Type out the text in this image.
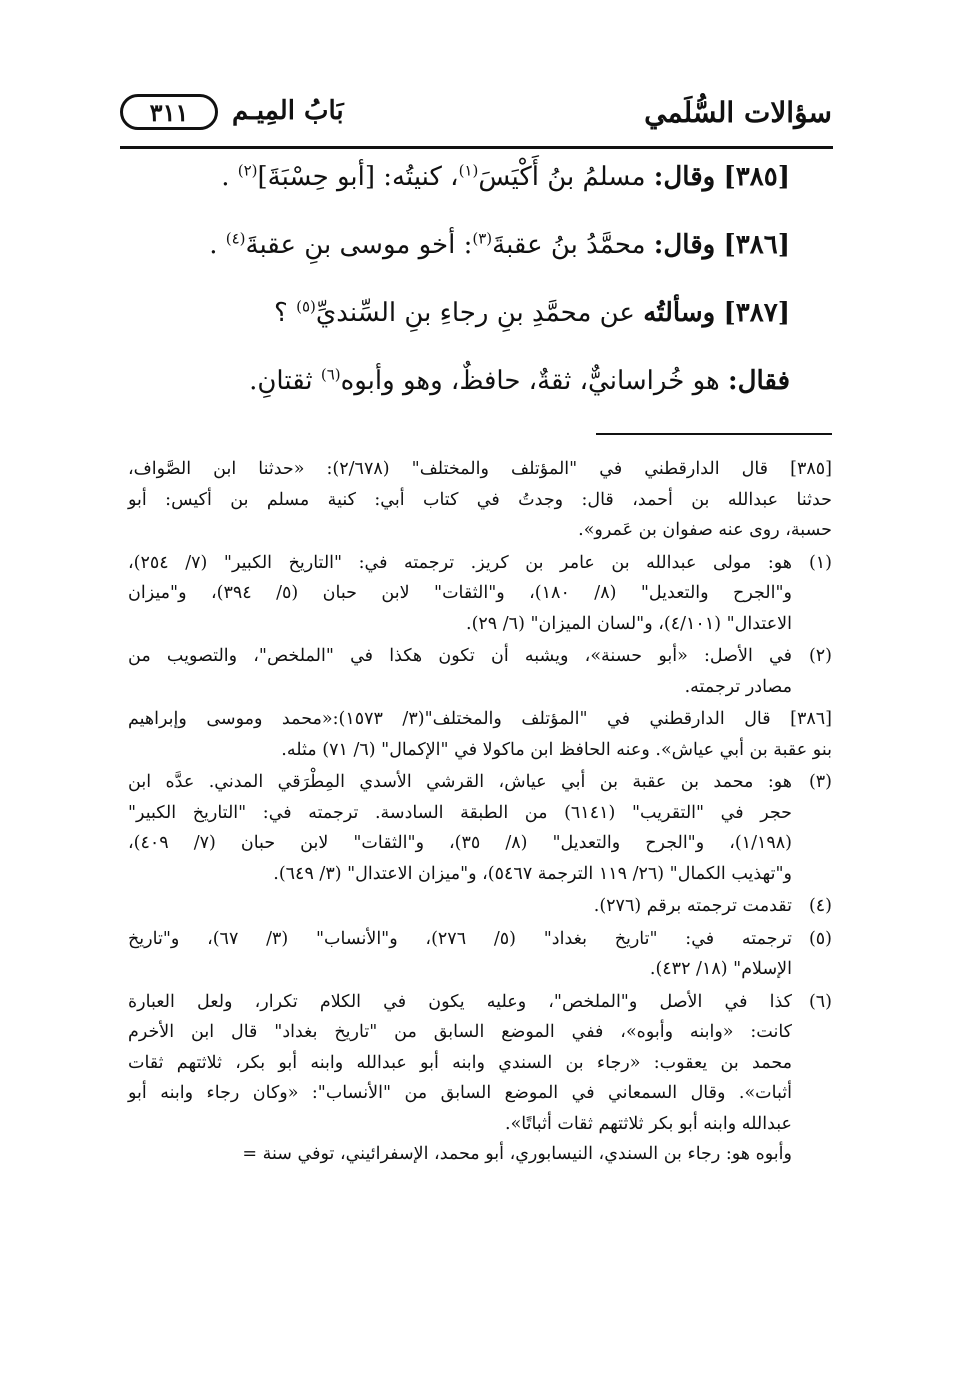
سؤالات السُّلَمي
بَابُ المِيـم
٣١١
[٣٨٥] وقال: مسلمُ بنُ أَكْيَسَ$^{(١)}$، كنيتُه: [أبو حِسْبَةَ]$^{(٢)}$ .
[٣٨٦] وقال: محمَّدُ بنُ عقبةَ$^{(٣)}$: أخو موسى بنِ عقبةَ$^{(٤)}$ .
[٣٨٧] وسألتُه عن محمَّدِ بنِ رجاءِ بنِ السِّنديِّ$^{(٥)}$ ؟
فقال: هو خُراسانيٌّ، ثقةٌ، حافظٌ، وهو وأبوه$^{(٦)}$ ثقتانِ.
[٣٨٥] قال الدارقطني في "المؤتلف والمختلف" (٢/٦٧٨): «حدثنا ابن الصَّواف،
حدثنا عبدالله بن أحمد، قال: وجدتُ في كتاب أبي: كنية مسلم بن أكيس: أبو
حسبة، روى عنه صفوان بن عَمرو».
(١)
هو: مولى عبدالله بن عامر بن كريز. ترجمته في: "التاريخ الكبير" (٧/ ٢٥٤)،
و"الجرح والتعديل" (٨/ ١٨٠)، و"الثقات" لابن حبان (٥/ ٣٩٤)، و"ميزان
الاعتدال" (٤/١٠١)، و"لسان الميزان" (٦/ ٢٩).
(٢)
في الأصل: «أبو حسنة»، ويشبه أن تكون هكذا في "الملخص"، والتصويب من
مصادر ترجمته.
[٣٨٦] قال الدارقطني في "المؤتلف والمختلف"(٣/ ١٥٧٣):«محمد وموسى وإبراهيم
بنو عقبة بن أبي عياش». وعنه الحافظ ابن ماكولا في "الإكمال" (٦/ ٧١) مثله.
(٣)
هو: محمد بن عقبة بن أبي عياش، القرشي الأسدي المِطْرَقي المدني. عدَّه ابن
حجر في "التقريب" (٦١٤١) من الطبقة السادسة. ترجمته في: "التاريخ الكبير"
(١/١٩٨)، و"الجرح والتعديل" (٨/ ٣٥)، و"الثقات" لابن حبان (٧/ ٤٠٩)،
و"تهذيب الكمال" (٢٦/ ١١٩ الترجمة ٥٤٦٧)، و"ميزان الاعتدال" (٣/ ٦٤٩).
(٤)
تقدمت ترجمته برقم (٢٧٦).
(٥)
ترجمته في: "تاريخ بغداد" (٥/ ٢٧٦)، و"الأنساب" (٣/ ٦٧)، و"تاريخ
الإسلام" (١٨/ ٤٣٢).
(٦)
كذا في الأصل و"الملخص"، وعليه يكون في الكلام تكرار، ولعل العبارة
كانت: «وابنه وأبوه»، ففي الموضع السابق من "تاريخ بغداد" قال ابن الأخرم
محمد بن يعقوب: «رجاء بن السندي وابنه أبو عبدالله وابنه أبو بكر، ثلاثتهم ثقات
أثبات». وقال السمعاني في الموضع السابق من "الأنساب": «وكان رجاء وابنه أبو
عبدالله وابنه أبو بكر ثلاثتهم ثقات أثباتًا».
وأبوه هو: رجاء بن السندي، النيسابوري، أبو محمد، الإسفرائيني، توفي سنة =
